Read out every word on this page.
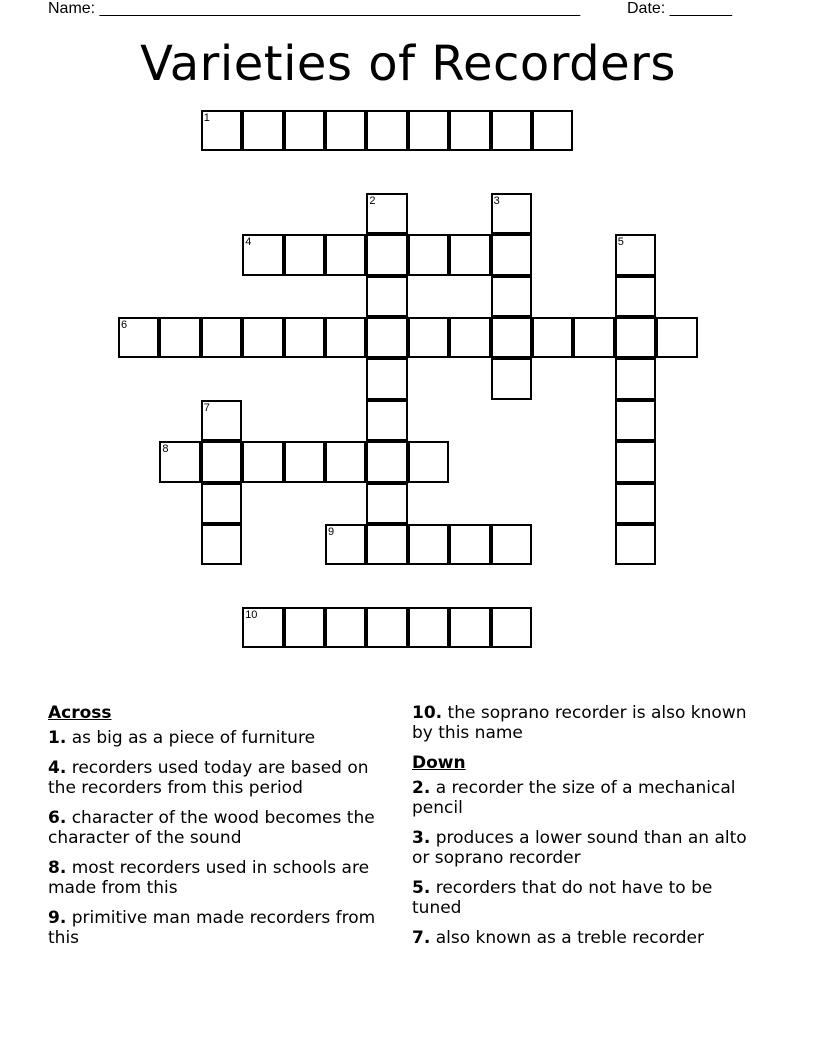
Name: ______________________________________________________	Date: _______
Varieties of Recorders
1
2	3
4	5
6
7
8
9
10
Across
1. as big as a piece of furniture
4. recorders used today are based on the recorders from this period
6. character of the wood becomes the character of the sound
8. most recorders used in schools are made from this
9. primitive man made recorders from this
10. the soprano recorder is also known by this name
Down
2. a recorder the size of a mechanical pencil
3. produces a lower sound than an alto or soprano recorder
5. recorders that do not have to be tuned
7. also known as a treble recorder
